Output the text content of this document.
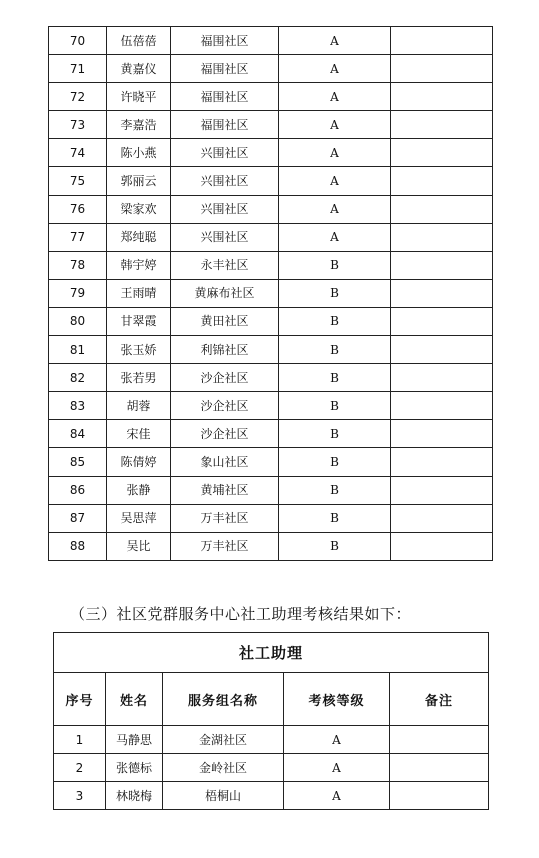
70	伍蓓蓓	福围社区	A	
71	黄嘉仪	福围社区	A	
72	许晓平	福围社区	A	
73	李嘉浩	福围社区	A	
74	陈小燕	兴围社区	A	
75	郭丽云	兴围社区	A	
76	梁家欢	兴围社区	A	
77	郑纯聪	兴围社区	A	
78	韩宇婷	永丰社区	B	
79	王雨晴	黄麻布社区	B	
80	甘翠霞	黄田社区	B	
81	张玉娇	利锦社区	B	
82	张若男	沙企社区	B	
83	胡蓉	沙企社区	B	
84	宋佳	沙企社区	B	
85	陈倩婷	象山社区	B	
86	张静	黄埔社区	B	
87	吴思萍	万丰社区	B	
88	吴比	万丰社区	B	
（三）社区党群服务中心社工助理考核结果如下：
社工助理				
序号	姓名	服务组名称	考核等级	备注
1	马静思	金湖社区	A	
2	张德标	金岭社区	A	
3	林晓梅	梧桐山	A	
